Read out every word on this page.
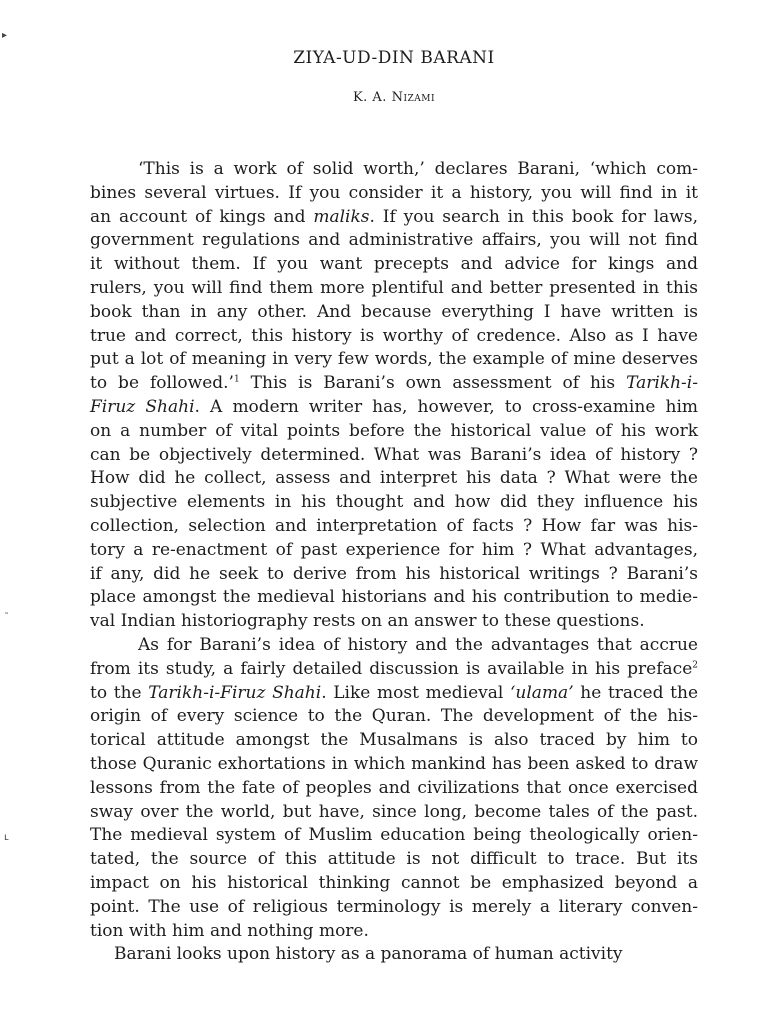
▸
˜
ւ
ZIYA-UD-DIN BARANI
K. A. Nizami
‘This is a work of solid worth,’ declares Barani, ‘which com-
bines several virtues. If you consider it a history, you will find in it
an account of kings and maliks. If you search in this book for laws,
government regulations and administrative affairs, you will not find
it without them. If you want precepts and advice for kings and
rulers, you will find them more plentiful and better presented in this
book than in any other. And because everything I have written is
true and correct, this history is worthy of credence. Also as I have
put a lot of meaning in very few words, the example of mine deserves
to be followed.’$^1$ This is Barani’s own assessment of his Tarikh-i-
Firuz Shahi. A modern writer has, however, to cross-examine him
on a number of vital points before the historical value of his work
can be objectively determined. What was Barani’s idea of history ?
How did he collect, assess and interpret his data ? What were the
subjective elements in his thought and how did they influence his
collection, selection and interpretation of facts ? How far was his-
tory a re-enactment of past experience for him ? What advantages,
if any, did he seek to derive from his historical writings ? Barani’s
place amongst the medieval historians and his contribution to medie-
val Indian historiography rests on an answer to these questions.
As for Barani’s idea of history and the advantages that accrue
from its study, a fairly detailed discussion is available in his preface$^2$
to the Tarikh-i-Firuz Shahi. Like most medieval ‘ulama’ he traced the
origin of every science to the Quran. The development of the his-
torical attitude amongst the Musalmans is also traced by him to
those Quranic exhortations in which mankind has been asked to draw
lessons from the fate of peoples and civilizations that once exercised
sway over the world, but have, since long, become tales of the past.
The medieval system of Muslim education being theologically orien-
tated, the source of this attitude is not difficult to trace. But its
impact on his historical thinking cannot be emphasized beyond a
point. The use of religious terminology is merely a literary conven-
tion with him and nothing more.
Barani looks upon history as a panorama of human activity
